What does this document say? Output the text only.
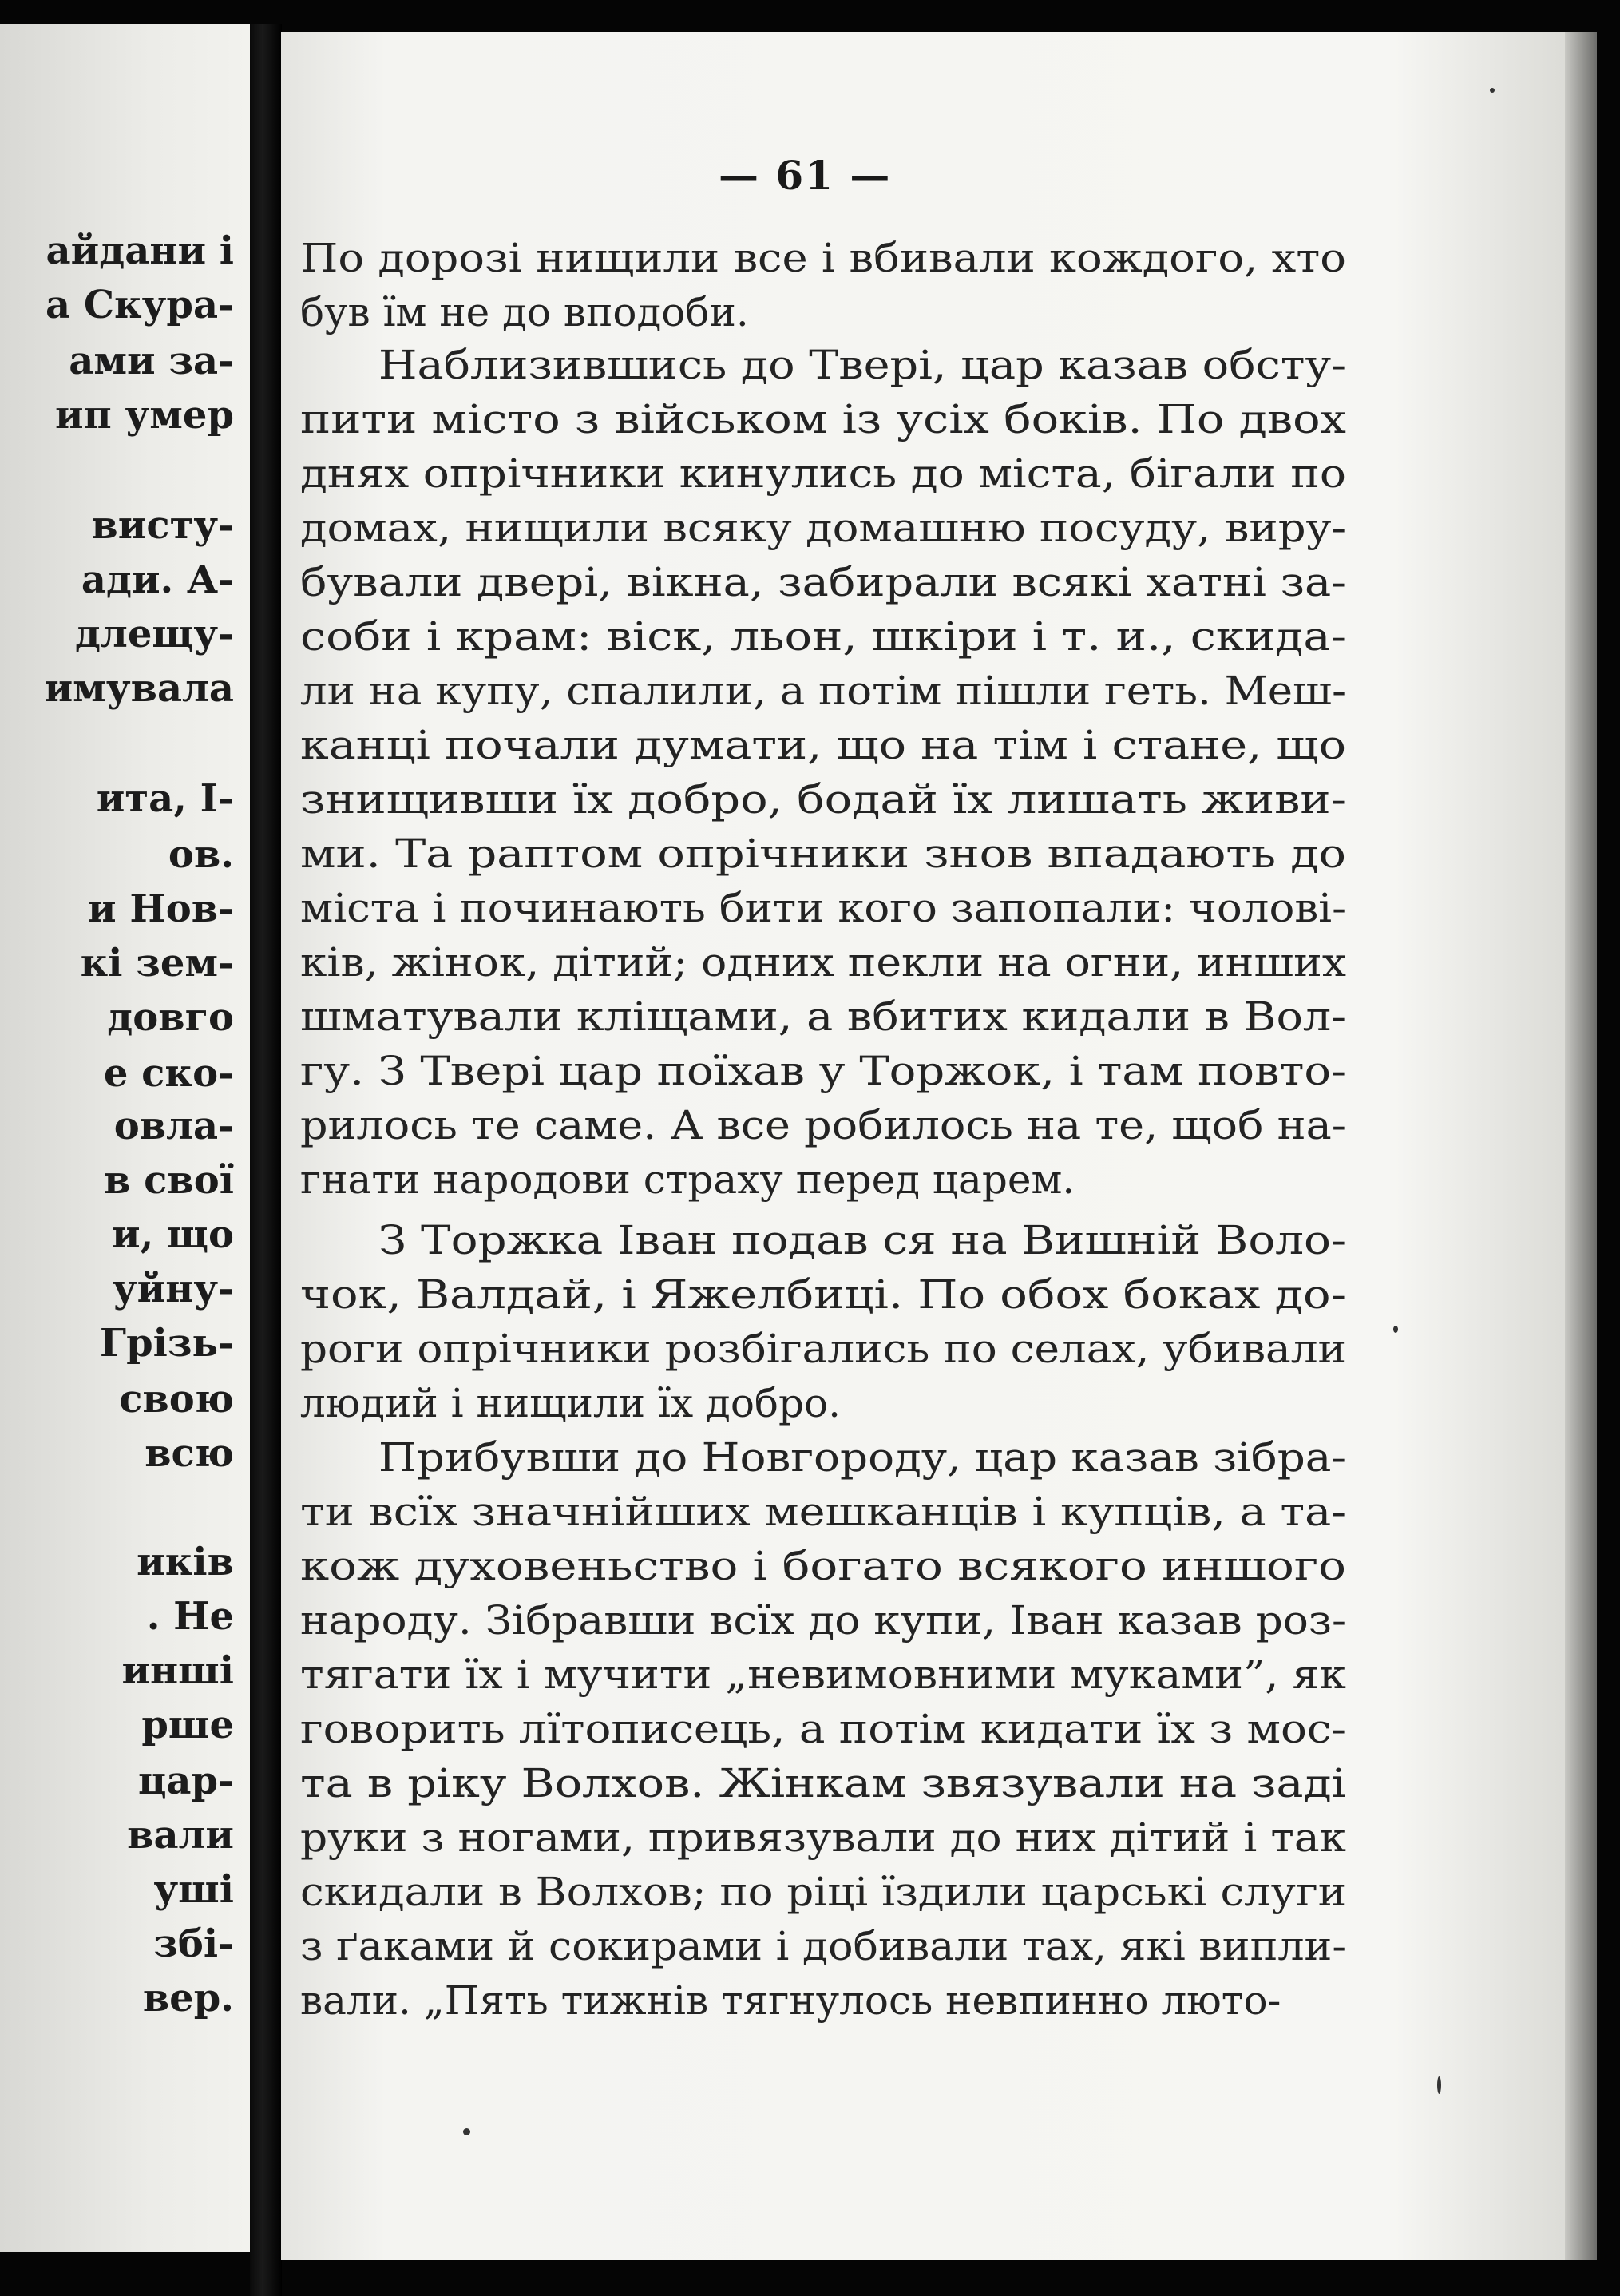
айдани і
а Скура-
ами за-
ип умер
висту-
ади. А-
длещу-
имувала
ита, І-
ов.
и Нов-
кі зем-
довго
е ско-
овла-
в свої
и, що
уйну-
Грізь-
свою
всю
иків
. Не
инші
рше
цар-
вали
уші
збі-
вер.
— 61 —
По дорозі нищили все і вбивали кождого, хто
був їм не до вподоби.
Наблизившись до Твері, цар казав обсту-
пити місто з військом із усіх боків. По двох
днях опрічники кинулись до міста, бігали по
домах, нищили всяку домашню посуду, виру-
бували двері, вікна, забирали всякі хатні за-
соби і крам: віск, льон, шкіри і т. и., скида-
ли на купу, спалили, а потім пішли геть. Меш-
канці почали думати, що на тім і стане, що
знищивши їх добро, бодай їх лишать живи-
ми. Та раптом опрічники знов впадають до
міста і починають бити кого запопали: чолові-
ків, жінок, дітий; одних пекли на огни, инших
шматували кліщами, а вбитих кидали в Вол-
гу. З Твері цар поїхав у Торжок, і там повто-
рилось те саме. А все робилось на те, щоб на-
гнати народови страху перед царем.
З Торжка Іван подав ся на Вишній Воло-
чок, Валдай, і Яжелбиці. По обох боках до-
роги опрічники розбігались по селах, убивали
людий і нищили їх добро.
Прибувши до Новгороду, цар казав зібра-
ти всїх значнійших мешканців і купців, а та-
кож духовеньство і богато всякого иншого
народу. Зібравши всїх до купи, Іван казав роз-
тягати їх і мучити „невимовними муками”, як
говорить лїтописець, а потім кидати їх з мос-
та в ріку Волхов. Жінкам звязували на заді
руки з ногами, привязували до них дітий і так
скидали в Волхов; по ріці їздили царські слуги
з ґаками й сокирами і добивали тах, які випли-
вали. „Пять тижнів тягнулось невпинно люто-
